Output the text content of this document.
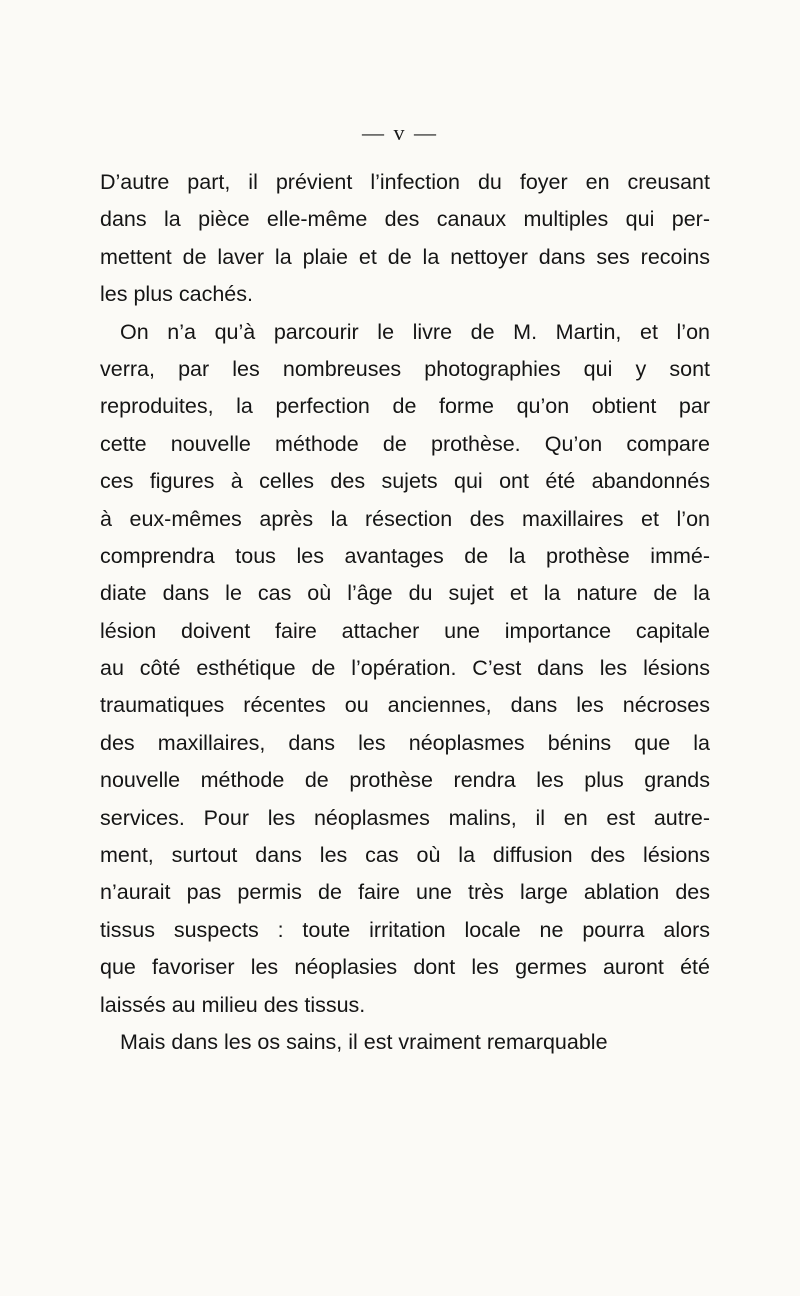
— v —
D’autre part, il prévient l’infection du foyer en creusant
dans la pièce elle-même des canaux multiples qui per-
mettent de laver la plaie et de la nettoyer dans ses recoins
les plus cachés.
On n’a qu’à parcourir le livre de M. Martin, et l’on
verra, par les nombreuses photographies qui y sont
reproduites, la perfection de forme qu’on obtient par
cette nouvelle méthode de prothèse. Qu’on compare
ces figures à celles des sujets qui ont été abandonnés
à eux-mêmes après la résection des maxillaires et l’on
comprendra tous les avantages de la prothèse immé-
diate dans le cas où l’âge du sujet et la nature de la
lésion doivent faire attacher une importance capitale
au côté esthétique de l’opération. C’est dans les lésions
traumatiques récentes ou anciennes, dans les nécroses
des maxillaires, dans les néoplasmes bénins que la
nouvelle méthode de prothèse rendra les plus grands
services. Pour les néoplasmes malins, il en est autre-
ment, surtout dans les cas où la diffusion des lésions
n’aurait pas permis de faire une très large ablation des
tissus suspects : toute irritation locale ne pourra alors
que favoriser les néoplasies dont les germes auront été
laissés au milieu des tissus.
Mais dans les os sains, il est vraiment remarquable
